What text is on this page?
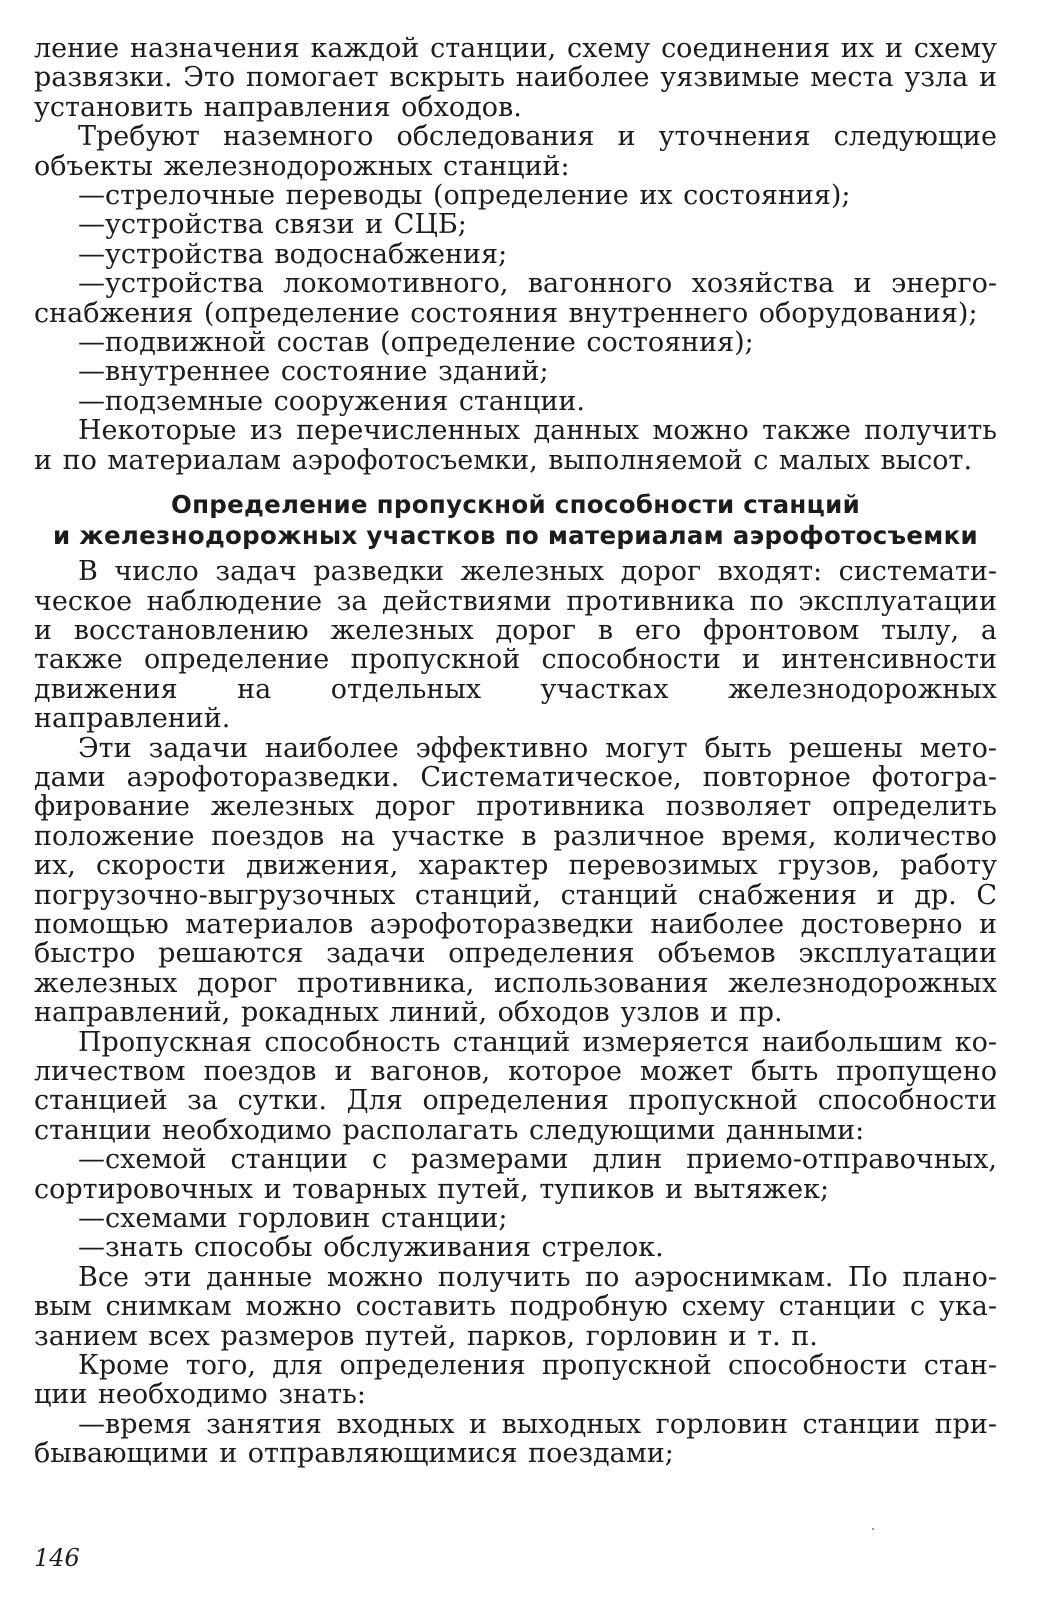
ление назначения каждой станции, схему соединения их и схему развязки. Это помогает вскрыть наиболее уязвимые места узла и установить направления обходов.

Требуют наземного обследования и уточнения следующие объекты железнодорожных станций:

—стрелочные переводы (определение их состояния);

—устройства связи и СЦБ;

—устройства водоснабжения;

—устройства локомотивного, вагонного хозяйства и энергоснабжения (определение состояния внутреннего оборудования);

—подвижной состав (определение состояния);

—внутреннее состояние зданий;

—подземные сооружения станции.

Некоторые из перечисленных данных можно также получить и по материалам аэрофотосъемки, выполняемой с малых высот.

Определение пропускной способности станций
и железнодорожных участков по материалам аэрофотосъемки

В число задач разведки железных дорог входят: систематическое наблюдение за действиями противника по эксплуатации и восстановлению железных дорог в его фронтовом тылу, а также определение пропускной способности и интенсивности движения на отдельных участках железнодорожных направлений.

Эти задачи наиболее эффективно могут быть решены методами аэрофоторазведки. Систематическое, повторное фотографирование железных дорог противника позволяет определить положение поездов на участке в различное время, количество их, скорости движения, характер перевозимых грузов, работу погрузочно-выгрузочных станций, станций снабжения и др. С помощью материалов аэрофоторазведки наиболее достоверно и быстро решаются задачи определения объемов эксплуатации железных дорог противника, использования железнодорожных направлений, рокадных линий, обходов узлов и пр.

Пропускная способность станций измеряется наибольшим количеством поездов и вагонов, которое может быть пропущено станцией за сутки. Для определения пропускной способности станции необходимо располагать следующими данными:

—схемой станции с размерами длин приемо-отправочных, сортировочных и товарных путей, тупиков и вытяжек;

—схемами горловин станции;

—знать способы обслуживания стрелок.

Все эти данные можно получить по аэроснимкам. По плановым снимкам можно составить подробную схему станции с указанием всех размеров путей, парков, горловин и т. п.

Кроме того, для определения пропускной способности станции необходимо знать:

—время занятия входных и выходных горловин станции прибывающими и отправляющимися поездами;

146
